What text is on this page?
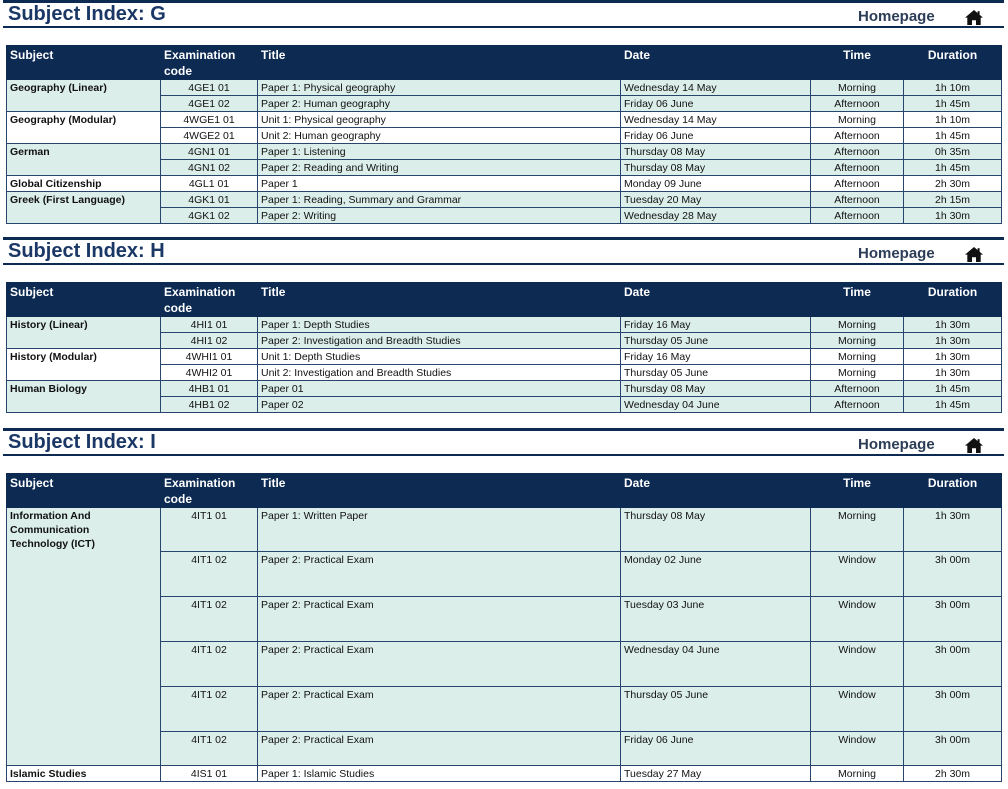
Subject Index: G	Homepage
Subject	Examination code	Title	Date	Time	Duration

Geography (Linear)	4GE1 01	Paper 1: Physical geography	Wednesday 14 May	Morning	1h 10m
	4GE1 02	Paper 2: Human geography	Friday 06 June	Afternoon	1h 45m

Geography (Modular)	4WGE1 01	Unit 1: Physical geography	Wednesday 14 May	Morning	1h 10m
	4WGE2 01	Unit 2: Human geography	Friday 06 June	Afternoon	1h 45m

German	4GN1 01	Paper 1: Listening	Thursday 08 May	Afternoon	0h 35m
	4GN1 02	Paper 2: Reading and Writing	Thursday 08 May	Afternoon	1h 45m

Global Citizenship	4GL1 01	Paper 1	Monday 09 June	Afternoon	2h 30m

Greek (First Language)	4GK1 01	Paper 1: Reading, Summary and Grammar	Tuesday 20 May	Afternoon	2h 15m
	4GK1 02	Paper 2: Writing	Wednesday 28 May	Afternoon	1h 30m
Subject Index: H	Homepage
Subject	Examination code	Title	Date	Time	Duration

History (Linear)	4HI1 01	Paper 1: Depth Studies	Friday 16 May	Morning	1h 30m
	4HI1 02	Paper 2: Investigation and Breadth Studies	Thursday 05 June	Morning	1h 30m

History (Modular)	4WHI1 01	Unit 1: Depth Studies	Friday 16 May	Morning	1h 30m
	4WHI2 01	Unit 2: Investigation and Breadth Studies	Thursday 05 June	Morning	1h 30m

Human Biology	4HB1 01	Paper 01	Thursday 08 May	Afternoon	1h 45m
	4HB1 02	Paper 02	Wednesday 04 June	Afternoon	1h 45m
Subject Index: I	Homepage
Subject	Examination code	Title	Date	Time	Duration

Information And Communication Technology (ICT)	4IT1 01	Paper 1: Written Paper	Thursday 08 May	Morning	1h 30m
	4IT1 02	Paper 2: Practical Exam	Monday 02 June	Window	3h 00m
	4IT1 02	Paper 2: Practical Exam	Tuesday 03 June	Window	3h 00m
	4IT1 02	Paper 2: Practical Exam	Wednesday 04 June	Window	3h 00m
	4IT1 02	Paper 2: Practical Exam	Thursday 05 June	Window	3h 00m
	4IT1 02	Paper 2: Practical Exam	Friday 06 June	Window	3h 00m

Islamic Studies	4IS1 01	Paper 1: Islamic Studies	Tuesday 27 May	Morning	2h 30m
